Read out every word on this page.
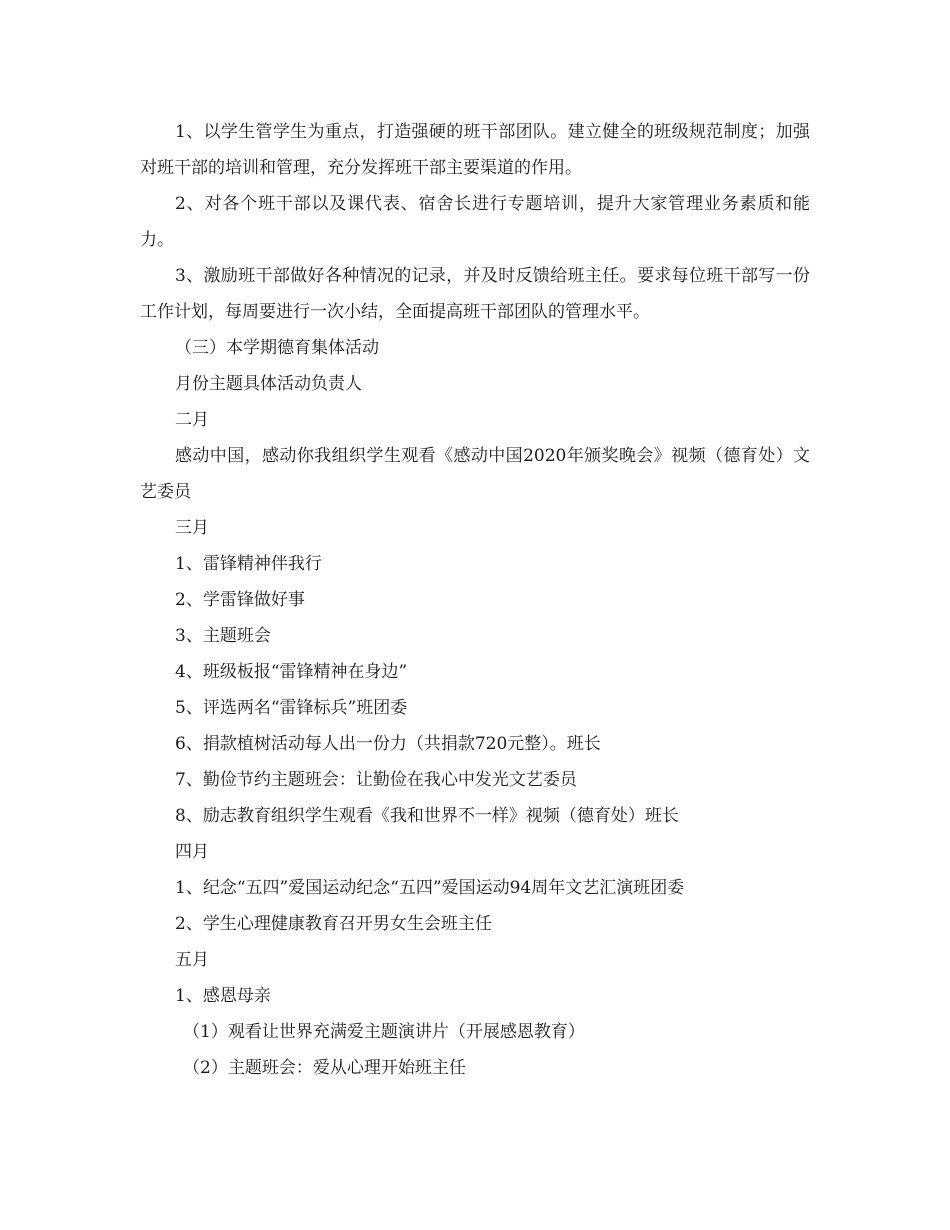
1、以学生管学生为重点，打造强硬的班干部团队。建立健全的班级规范制度；加强对班干部的培训和管理，充分发挥班干部主要渠道的作用。

2、对各个班干部以及课代表、宿舍长进行专题培训，提升大家管理业务素质和能力。

3、激励班干部做好各种情况的记录，并及时反馈给班主任。要求每位班干部写一份工作计划，每周要进行一次小结，全面提高班干部团队的管理水平。

（三）本学期德育集体活动

月份主题具体活动负责人

二月

感动中国，感动你我组织学生观看《感动中国2020年颁奖晚会》视频（德育处）文艺委员

三月

1、雷锋精神伴我行

2、学雷锋做好事

3、主题班会

4、班级板报“雷锋精神在身边”

5、评选两名“雷锋标兵”班团委

6、捐款植树活动每人出一份力（共捐款720元整）。班长

7、勤俭节约主题班会：让勤俭在我心中发光文艺委员

8、励志教育组织学生观看《我和世界不一样》视频（德育处）班长

四月

1、纪念“五四”爱国运动纪念“五四”爱国运动94周年文艺汇演班团委

2、学生心理健康教育召开男女生会班主任

五月

1、感恩母亲

（1）观看让世界充满爱主题演讲片（开展感恩教育）

（2）主题班会：爱从心理开始班主任
